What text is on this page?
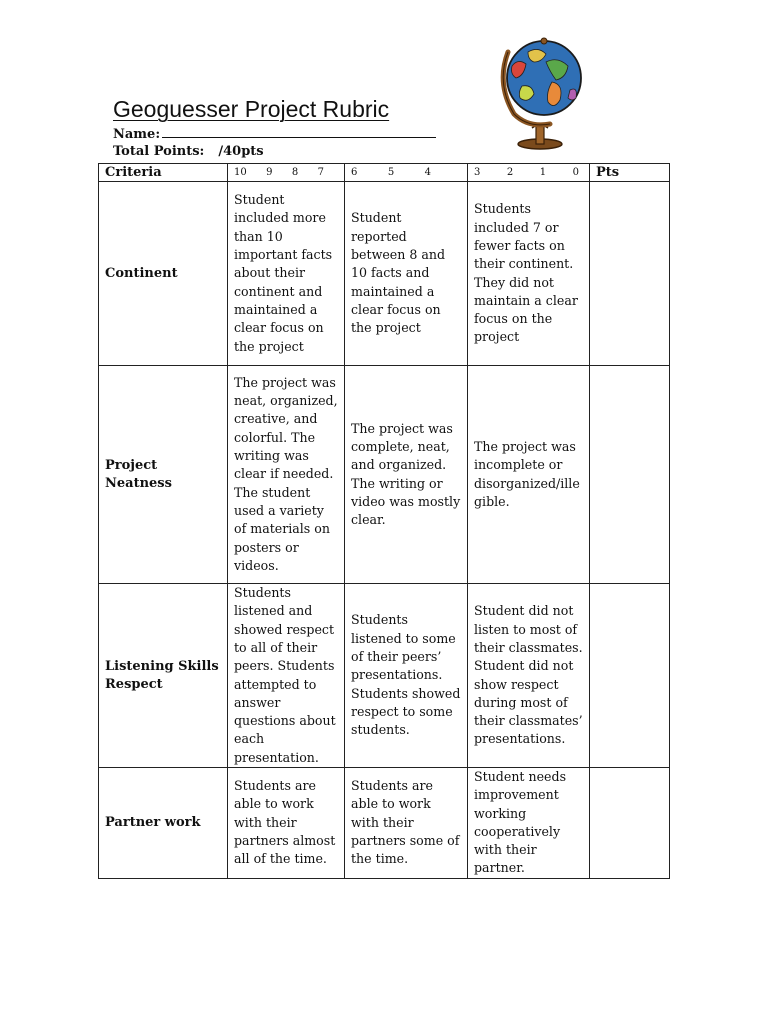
Geoguesser Project Rubric
Name:
Total Points: /40pts
Criteria	10 9 8 7	6 5 4	3 2 1 0	Pts
Continent	Student included more than 10 important facts about their continent and maintained a clear focus on the project	Student reported between 8 and 10 facts and maintained a clear focus on the project	Students included 7 or fewer facts on their continent. They did not maintain a clear focus on the project	
Project Neatness	The project was neat, organized, creative, and colorful. The writing was clear if needed. The student used a variety of materials on posters or videos.	The project was complete, neat, and organized. The writing or video was mostly clear.	The project was incomplete or disorganized/illegible.	
Listening Skills Respect	Students listened and showed respect to all of their peers. Students attempted to answer questions about each presentation.	Students listened to some of their peers’ presentations. Students showed respect to some students.	Student did not listen to most of their classmates. Student did not show respect during most of their classmates’ presentations.	
Partner work	Students are able to work with their partners almost all of the time.	Students are able to work with their partners some of the time.	Student needs improvement working cooperatively with their partner.	
